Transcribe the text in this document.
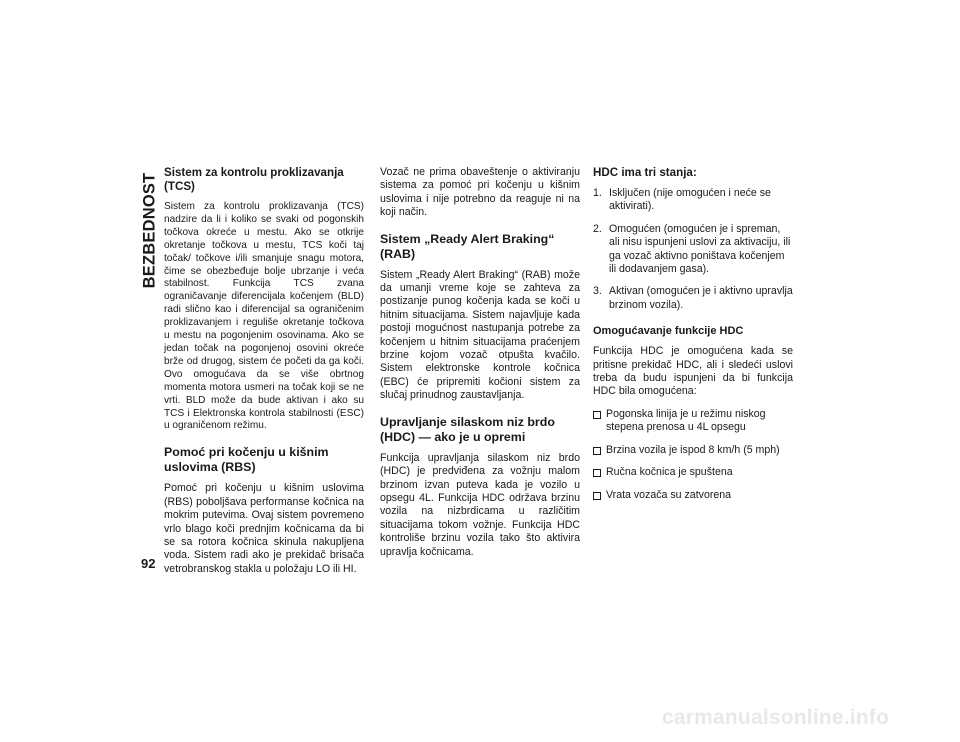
BEZBEDNOST
92
Sistem za kontrolu proklizavanja (TCS)

Sistem za kontrolu proklizavanja (TCS) nadzire da li i koliko se svaki od pogonskih točkova okreće u mestu. Ako se otkrije okretanje točkova u mestu, TCS koči taj točak/ točkove i/ili smanjuje snagu motora, čime se obezbeđuje bolje ubrzanje i veća stabilnost. Funkcija TCS zvana ograničavanje diferencijala kočenjem (BLD) radi slično kao i diferencijal sa ograničenim proklizavanjem i reguliše okretanje točkova u mestu na pogonjenim osovinama. Ako se jedan točak na pogonjenoj osovini okreće brže od drugog, sistem će početi da ga koči. Ovo omogućava da se više obrtnog momenta motora usmeri na točak koji se ne vrti. BLD može da bude aktivan i ako su TCS i Elektronska kontrola stabilnosti (ESC) u ograničenom režimu.

Pomoć pri kočenju u kišnim uslovima (RBS)

Pomoć pri kočenju u kišnim uslovima (RBS) poboljšava performanse kočnica na mokrim putevima. Ovaj sistem povremeno vrlo blago koči prednjim kočnicama da bi se sa rotora kočnica skinula nakupljena voda. Sistem radi ako je prekidač brisača vetrobranskog stakla u položaju LO ili HI.

Vozač ne prima obaveštenje o aktiviranju sistema za pomoć pri kočenju u kišnim uslovima i nije potrebno da reaguje ni na koji način.

Sistem „Ready Alert Braking“ (RAB)

Sistem „Ready Alert Braking“ (RAB) može da umanji vreme koje se zahteva za postizanje punog kočenja kada se koči u hitnim situacijama. Sistem najavljuje kada postoji mogućnost nastupanja potrebe za kočenjem u hitnim situacijama praćenjem brzine kojom vozač otpušta kvačilo. Sistem elektronske kontrole kočnica (EBC) će pripremiti kočioni sistem za slučaj prinudnog zaustavljanja.

Upravljanje silaskom niz brdo (HDC) — ako je u opremi

Funkcija upravljanja silaskom niz brdo (HDC) je predviđena za vožnju malom brzinom izvan puteva kada je vozilo u opsegu 4L. Funkcija HDC održava brzinu vozila na nizbrdicama u različitim situacijama tokom vožnje. Funkcija HDC kontroliše brzinu vozila tako što aktivira upravlja kočnicama.

HDC ima tri stanja:
1. Isključen (nije omogućen i neće se aktivirati).
2. Omogućen (omogućen je i spreman, ali nisu ispunjeni uslovi za aktivaciju, ili ga vozač aktivno poništava kočenjem ili dodavanjem gasa).
3. Aktivan (omogućen je i aktivno upravlja brzinom vozila).
Omogućavanje funkcije HDC

Funkcija HDC je omogućena kada se pritisne prekidač HDC, ali i sledeći uslovi treba da budu ispunjeni da bi funkcija HDC bila omogućena:

Pogonska linija je u režimu niskog stepena prenosa u 4L opsegu
Brzina vozila je ispod 8 km/h (5 mph)
Ručna kočnica je spuštena
Vrata vozača su zatvorena
carmanualsonline.info
